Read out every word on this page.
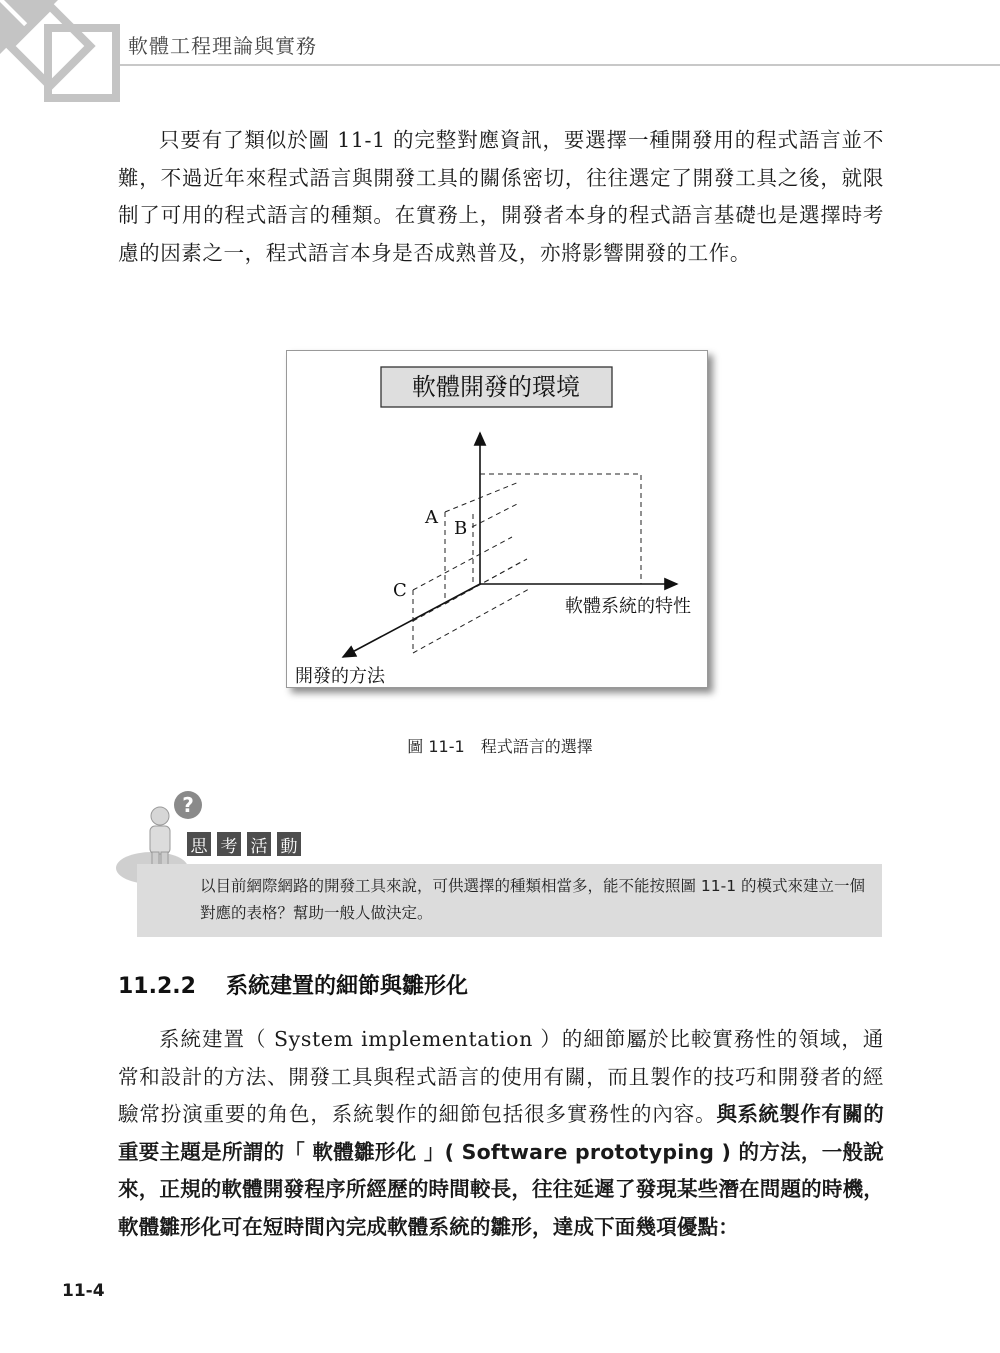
軟體工程理論與實務

只要有了類似於圖 11-1 的完整對應資訊，要選擇一種開發用的程式語言並不難，不過近年來程式語言與開發工具的關係密切，往往選定了開發工具之後，就限制了可用的程式語言的種類。在實務上，開發者本身的程式語言基礎也是選擇時考慮的因素之一，程式語言本身是否成熟普及，亦將影響開發的工作。

軟體開發的環境
A
B
C
軟體系統的特性
開發的方法
圖 11-1 程式語言的選擇
?
思 考 活 動
以目前網際網路的開發工具來說，可供選擇的種類相當多，能不能按照圖 11-1 的模式來建立一個對應的表格？幫助一般人做決定。
11.2.2 系統建置的細節與雛形化

系統建置（ System implementation ）的細節屬於比較實務性的領域，通常和設計的方法、開發工具與程式語言的使用有關，而且製作的技巧和開發者的經驗常扮演重要的角色，系統製作的細節包括很多實務性的內容。與系統製作有關的重要主題是所謂的「 軟體雛形化 」( Software prototyping ) 的方法，一般說來，正規的軟體開發程序所經歷的時間較長，往往延遲了發現某些潛在問題的時機，軟體雛形化可在短時間內完成軟體系統的雛形，達成下面幾項優點：

11-4
